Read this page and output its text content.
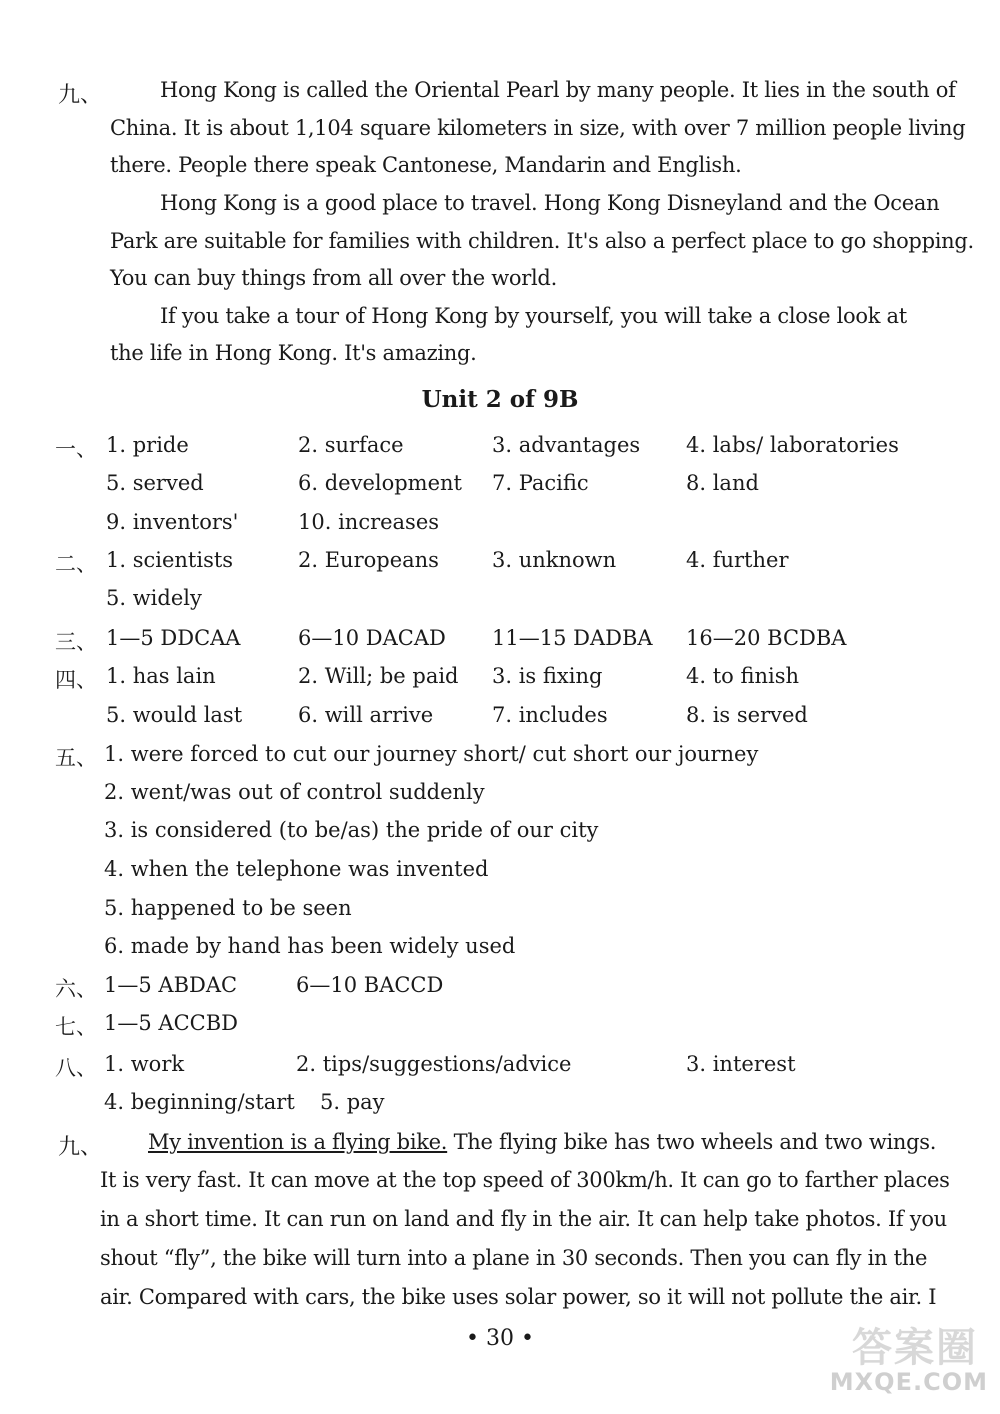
九、	Hong Kong is called the Oriental Pearl by many people. It lies in the south of
China. It is about 1,104 square kilometers in size, with over 7 million people living
there. People there speak Cantonese, Mandarin and English.
Hong Kong is a good place to travel. Hong Kong Disneyland and the Ocean
Park are suitable for families with children. It's also a perfect place to go shopping.
You can buy things from all over the world.
If you take a tour of Hong Kong by yourself, you will take a close look at
the life in Hong Kong. It's amazing.
Unit 2 of 9B
一、 1. pride	2. surface	3. advantages 4. labs/ laboratories
5. served	6. development 7. Pacific	8. land
9. inventors'	10. increases
二、 1. scientists	2. Europeans	3. unknown	4. further
5. widely
三、 1—5 DDCAA	6—10 DACAD 11—15 DADBA 16—20 BCDBA
四、 1. has lain	2. Will; be paid 3. is fixing	4. to finish
5. would last	6. will arrive	7. includes	8. is served
五、 1. were forced to cut our journey short/ cut short our journey
2. went/was out of control suddenly
3. is considered (to be/as) the pride of our city
4. when the telephone was invented
5. happened to be seen
6. made by hand has been widely used
六、 1—5 ABDAC	6—10 BACCD
七、 1—5 ACCBD
八、 1. work	2. tips/suggestions/advice	3. interest
4. beginning/start 5. pay
九、 My invention is a flying bike. The flying bike has two wheels and two wings.
It is very fast. It can move at the top speed of 300km/h. It can go to farther places
in a short time. It can run on land and fly in the air. It can help take photos. If you
shout “fly”, the bike will turn into a plane in 30 seconds. Then you can fly in the
air. Compared with cars, the bike uses solar power, so it will not pollute the air. I
• 30 •	答案圈
MXQE.COM
